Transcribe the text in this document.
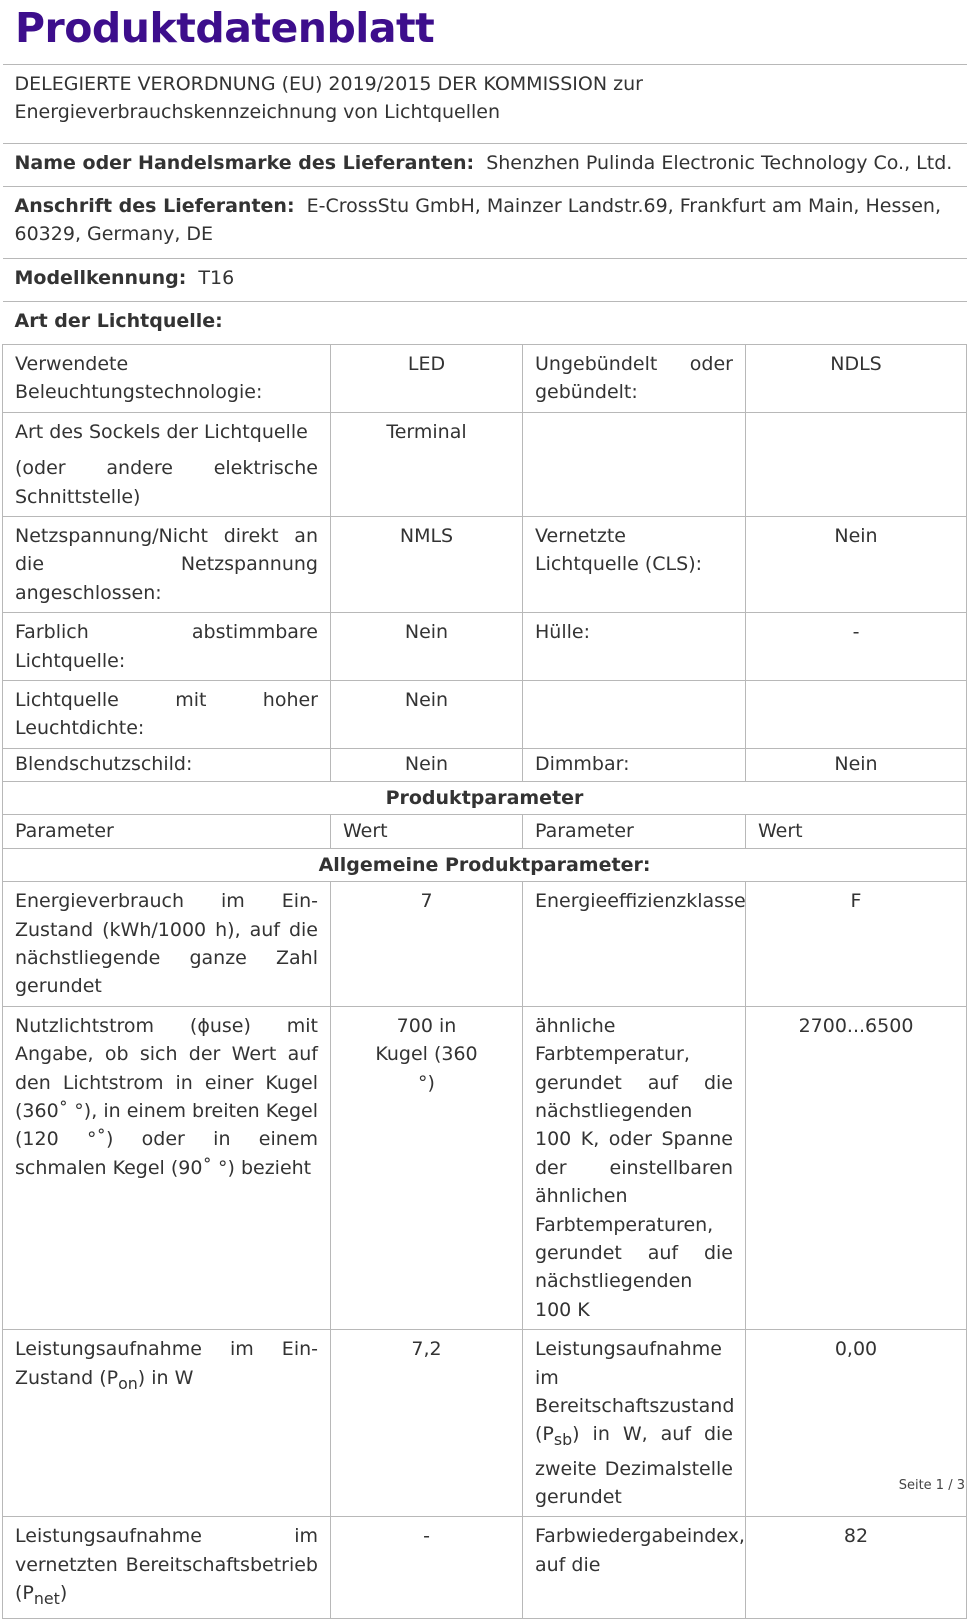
Produktdatenblatt
DELEGIERTE VERORDNUNG (EU) 2019/2015 DER KOMMISSION zur Energieverbrauchskennzeichnung von Lichtquellen			
Name oder Handelsmarke des Lieferanten: Shenzhen Pulinda Electronic Technology Co., Ltd.			
Anschrift des Lieferanten: E-CrossStu GmbH, Mainzer Landstr.69, Frankfurt am Main, Hessen, 60329, Germany, DE			
Modellkennung: T16			
Art der Lichtquelle:			
Verwendete Beleuchtungstechnologie:	LED	Ungebündelt oder gebündelt:	NDLS
Art des Sockels der Lichtquelle
(oder andere elektrische Schnittstelle)	Terminal		
Netzspannung/Nicht direkt an die Netzspannung angeschlossen:	NMLS	Vernetzte Lichtquelle (CLS):	Nein
Farblich abstimmbare Lichtquelle:	Nein	Hülle:	-
Lichtquelle mit hoher Leuchtdichte:	Nein		
Blendschutzschild:	Nein	Dimmbar:	Nein
Produktparameter			
Parameter	Wert	Parameter	Wert
Allgemeine Produktparameter:			
Energieverbrauch im Ein-Zustand (kWh/1000 h), auf die nächstliegende ganze Zahl gerundet	7	Energieeffizienzklasse	F
Nutzlichtstrom (ϕuse) mit Angabe, ob sich der Wert auf den Lichtstrom in einer Kugel (360˚ °), in einem breiten Kegel (120 °˚) oder in einem schmalen Kegel (90˚ °) bezieht	700 in Kugel (360 °)	ähnliche Farbtemperatur, gerundet auf die nächstliegenden 100 K, oder Spanne der einstellbaren ähnlichen Farbtemperaturen, gerundet auf die nächstliegenden 100 K	2700...6500
Leistungsaufnahme im Ein-Zustand $(P_{on})$ in W	7,2	Leistungsaufnahme im Bereitschaftszustand $(P_{sb})$ in W, auf die zweite Dezimalstelle gerundet	0,00
Leistungsaufnahme im vernetzten Bereitschaftsbetrieb $(P_{net})$	-	Farbwiedergabeindex, auf die	82
Seite 1 / 3
